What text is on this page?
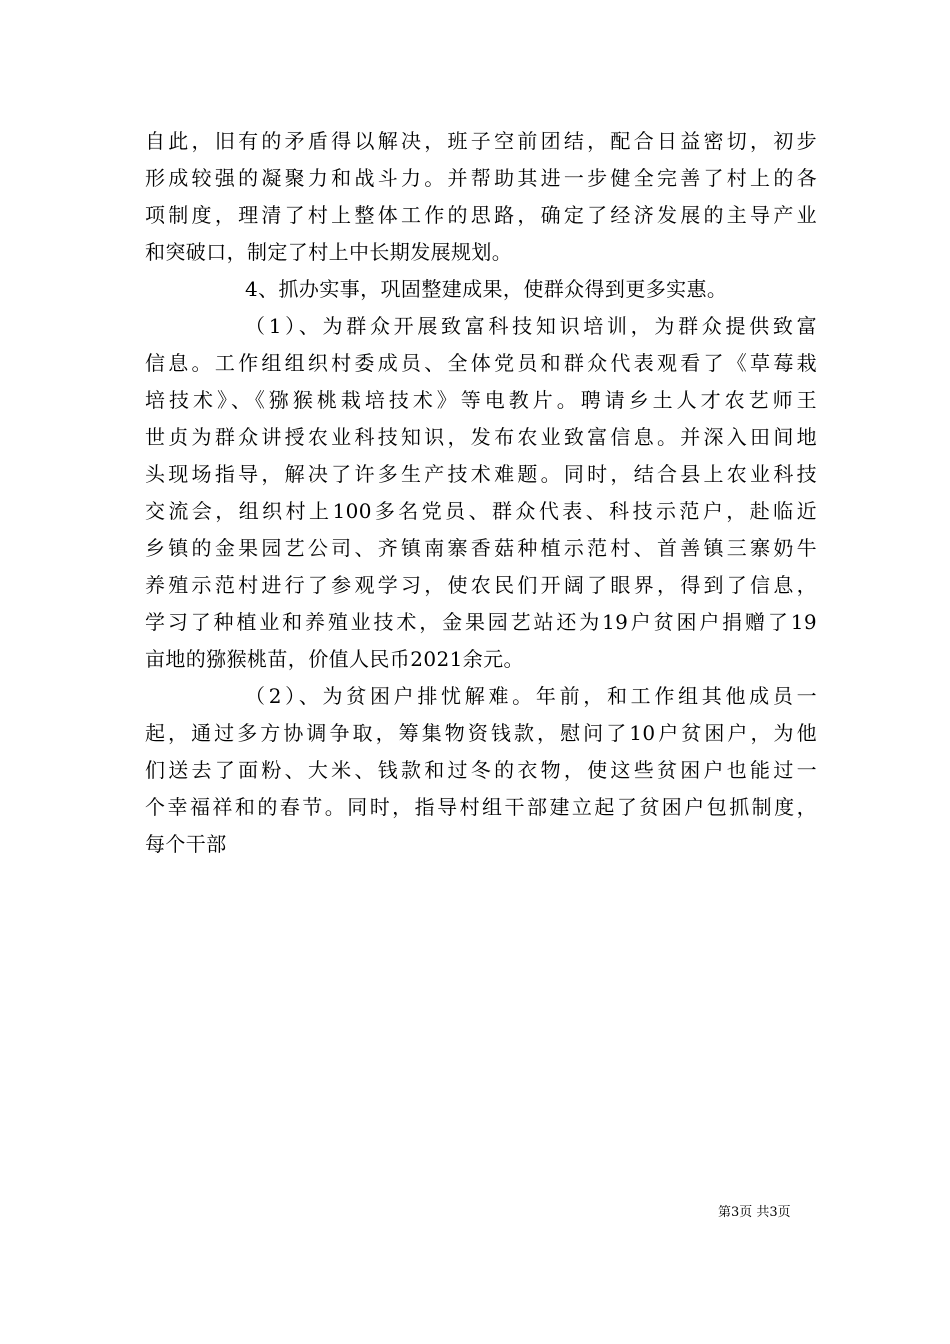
自此，旧有的矛盾得以解决，班子空前团结，配合日益密切，初步
形成较强的凝聚力和战斗力。并帮助其进一步健全完善了村上的各
项制度，理清了村上整体工作的思路，确定了经济发展的主导产业
和突破口，制定了村上中长期发展规划。
4、抓办实事，巩固整建成果，使群众得到更多实惠。
（1）、为群众开展致富科技知识培训，为群众提供致富
信息。工作组组织村委成员、全体党员和群众代表观看了《草莓栽
培技术》、《猕猴桃栽培技术》等电教片。聘请乡土人才农艺师王
世贞为群众讲授农业科技知识，发布农业致富信息。并深入田间地
头现场指导，解决了许多生产技术难题。同时，结合县上农业科技
交流会，组织村上100多名党员、群众代表、科技示范户，赴临近
乡镇的金果园艺公司、齐镇南寨香菇种植示范村、首善镇三寨奶牛
养殖示范村进行了参观学习，使农民们开阔了眼界，得到了信息，
学习了种植业和养殖业技术，金果园艺站还为19户贫困户捐赠了19
亩地的猕猴桃苗，价值人民币2021余元。
（2）、为贫困户排忧解难。年前，和工作组其他成员一
起，通过多方协调争取，筹集物资钱款，慰问了10户贫困户，为他
们送去了面粉、大米、钱款和过冬的衣物，使这些贫困户也能过一
个幸福祥和的春节。同时，指导村组干部建立起了贫困户包抓制度，
每个干部
第3页 共3页
